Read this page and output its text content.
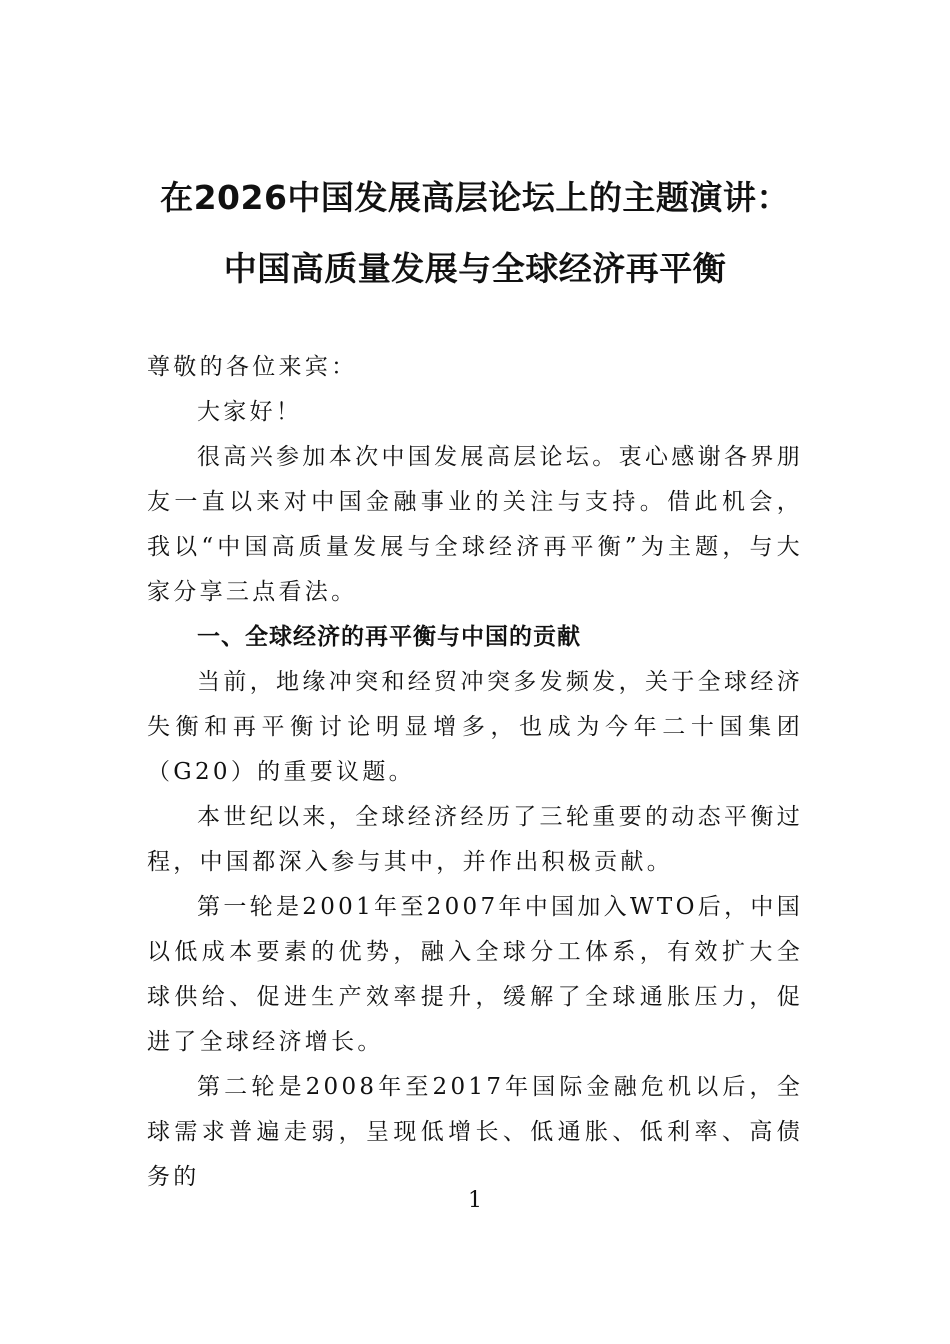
在2026中国发展高层论坛上的主题演讲：
中国高质量发展与全球经济再平衡

尊敬的各位来宾：

大家好！

很高兴参加本次中国发展高层论坛。衷心感谢各界朋友一直以来对中国金融事业的关注与支持。借此机会，我以“中国高质量发展与全球经济再平衡”为主题，与大家分享三点看法。

一、全球经济的再平衡与中国的贡献

当前，地缘冲突和经贸冲突多发频发，关于全球经济失衡和再平衡讨论明显增多，也成为今年二十国集团（G20）的重要议题。

本世纪以来，全球经济经历了三轮重要的动态平衡过程，中国都深入参与其中，并作出积极贡献。

第一轮是2001年至2007年中国加入WTO后，中国以低成本要素的优势，融入全球分工体系，有效扩大全球供给、促进生产效率提升，缓解了全球通胀压力，促进了全球经济增长。

第二轮是2008年至2017年国际金融危机以后，全球需求普遍走弱，呈现低增长、低通胀、低利率、高债务的

1
